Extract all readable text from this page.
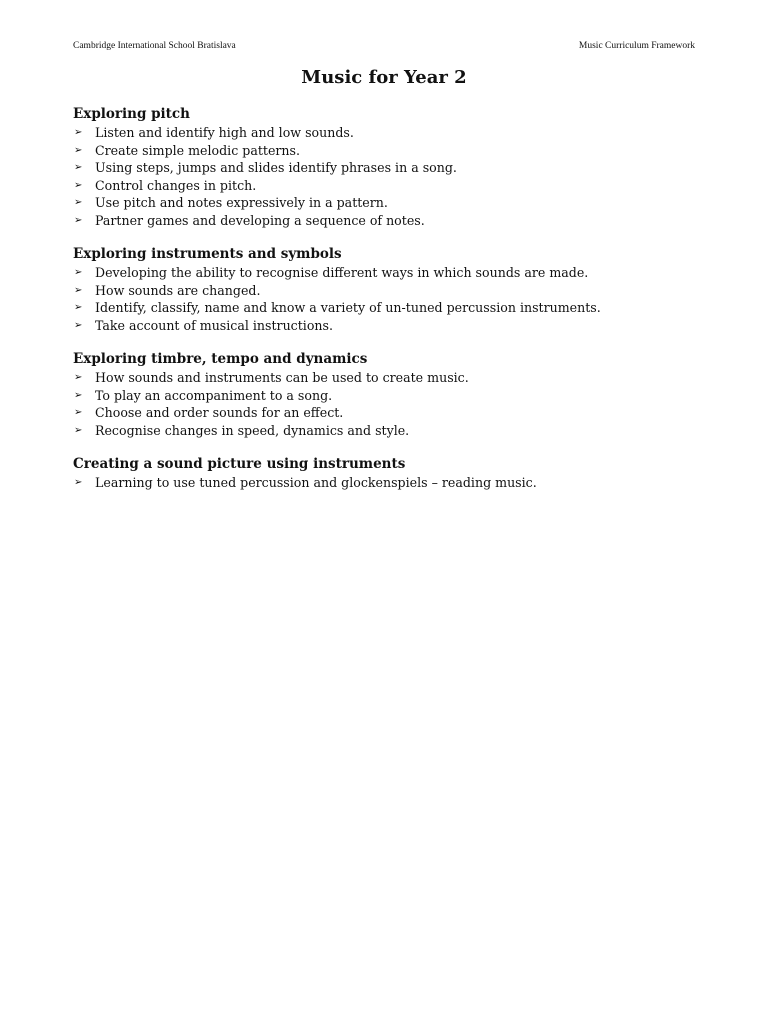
Cambridge International School Bratislava	Music Curriculum Framework
Music for Year 2
Exploring pitch
➢ Listen and identify high and low sounds.
➢ Create simple melodic patterns.
➢ Using steps, jumps and slides identify phrases in a song.
➢ Control changes in pitch.
➢ Use pitch and notes expressively in a pattern.
➢ Partner games and developing a sequence of notes.
Exploring instruments and symbols
➢ Developing the ability to recognise different ways in which sounds are made.
➢ How sounds are changed.
➢ Identify, classify, name and know a variety of un-tuned percussion instruments.
➢ Take account of musical instructions.
Exploring timbre, tempo and dynamics
➢ How sounds and instruments can be used to create music.
➢ To play an accompaniment to a song.
➢ Choose and order sounds for an effect.
➢ Recognise changes in speed, dynamics and style.
Creating a sound picture using instruments
➢ Learning to use tuned percussion and glockenspiels – reading music.
